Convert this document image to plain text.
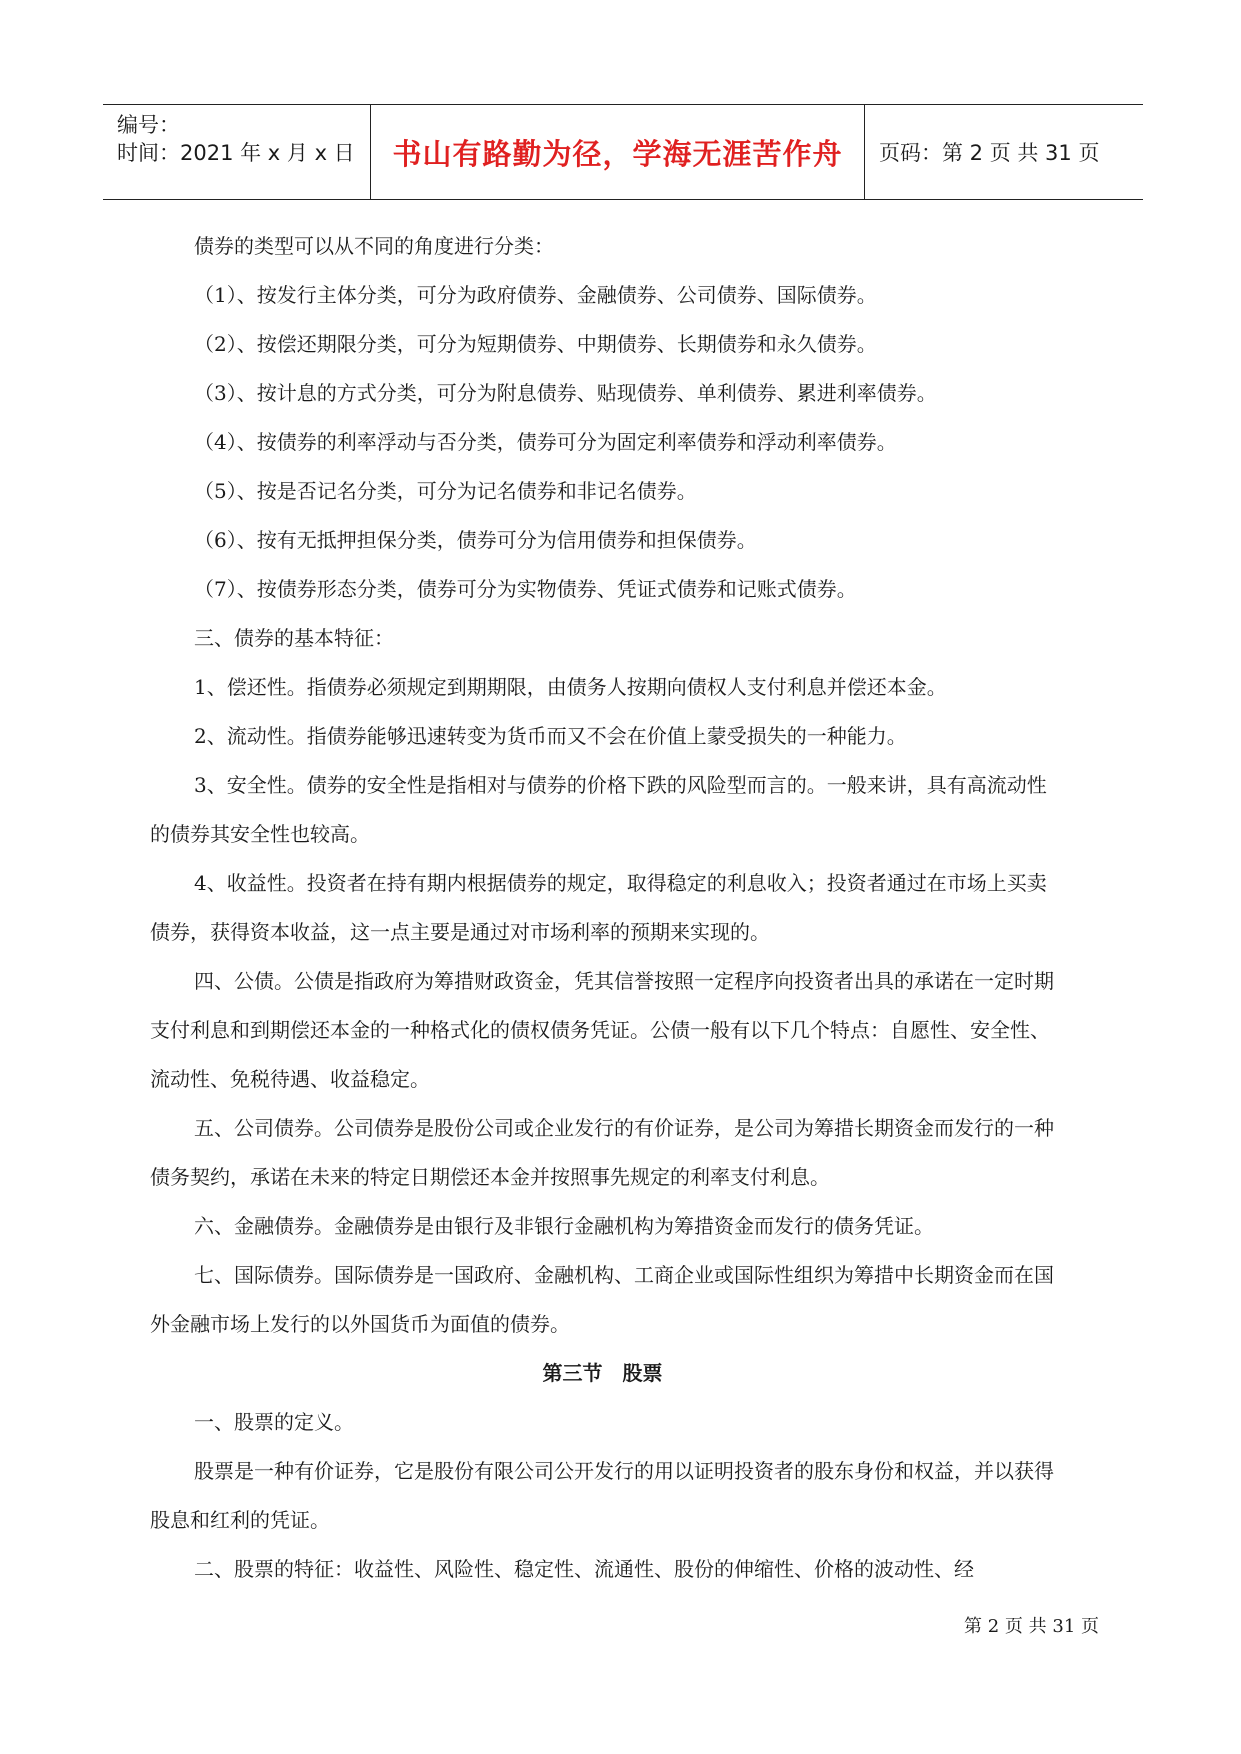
编号：
时间：2021 年 x 月 x 日 书山有路勤为径，学海无涯苦作舟 页码：第 2 页 共 31 页

债券的类型可以从不同的角度进行分类：

（1）、按发行主体分类，可分为政府债券、金融债券、公司债券、国际债券。

（2）、按偿还期限分类，可分为短期债券、中期债券、长期债券和永久债券。

（3）、按计息的方式分类，可分为附息债券、贴现债券、单利债券、累进利率债券。

（4）、按债券的利率浮动与否分类，债券可分为固定利率债券和浮动利率债券。

（5）、按是否记名分类，可分为记名债券和非记名债券。

（6）、按有无抵押担保分类，债券可分为信用债券和担保债券。

（7）、按债券形态分类，债券可分为实物债券、凭证式债券和记账式债券。

三、债券的基本特征：

1、偿还性。指债券必须规定到期期限，由债务人按期向债权人支付利息并偿还本金。

2、流动性。指债券能够迅速转变为货币而又不会在价值上蒙受损失的一种能力。

3、安全性。债券的安全性是指相对与债券的价格下跌的风险型而言的。一般来讲，具有高流动性的债券其安全性也较高。

4、收益性。投资者在持有期内根据债券的规定，取得稳定的利息收入；投资者通过在市场上买卖债券，获得资本收益，这一点主要是通过对市场利率的预期来实现的。

四、公债。公债是指政府为筹措财政资金，凭其信誉按照一定程序向投资者出具的承诺在一定时期支付利息和到期偿还本金的一种格式化的债权债务凭证。公债一般有以下几个特点：自愿性、安全性、流动性、免税待遇、收益稳定。

五、公司债券。公司债券是股份公司或企业发行的有价证券，是公司为筹措长期资金而发行的一种债务契约，承诺在未来的特定日期偿还本金并按照事先规定的利率支付利息。

六、金融债券。金融债券是由银行及非银行金融机构为筹措资金而发行的债务凭证。

七、国际债券。国际债券是一国政府、金融机构、工商企业或国际性组织为筹措中长期资金而在国外金融市场上发行的以外国货币为面值的债券。

第三节　股票

一、股票的定义。

股票是一种有价证券，它是股份有限公司公开发行的用以证明投资者的股东身份和权益，并以获得股息和红利的凭证。

二、股票的特征：收益性、风险性、稳定性、流通性、股份的伸缩性、价格的波动性、经

第 2 页 共 31 页
